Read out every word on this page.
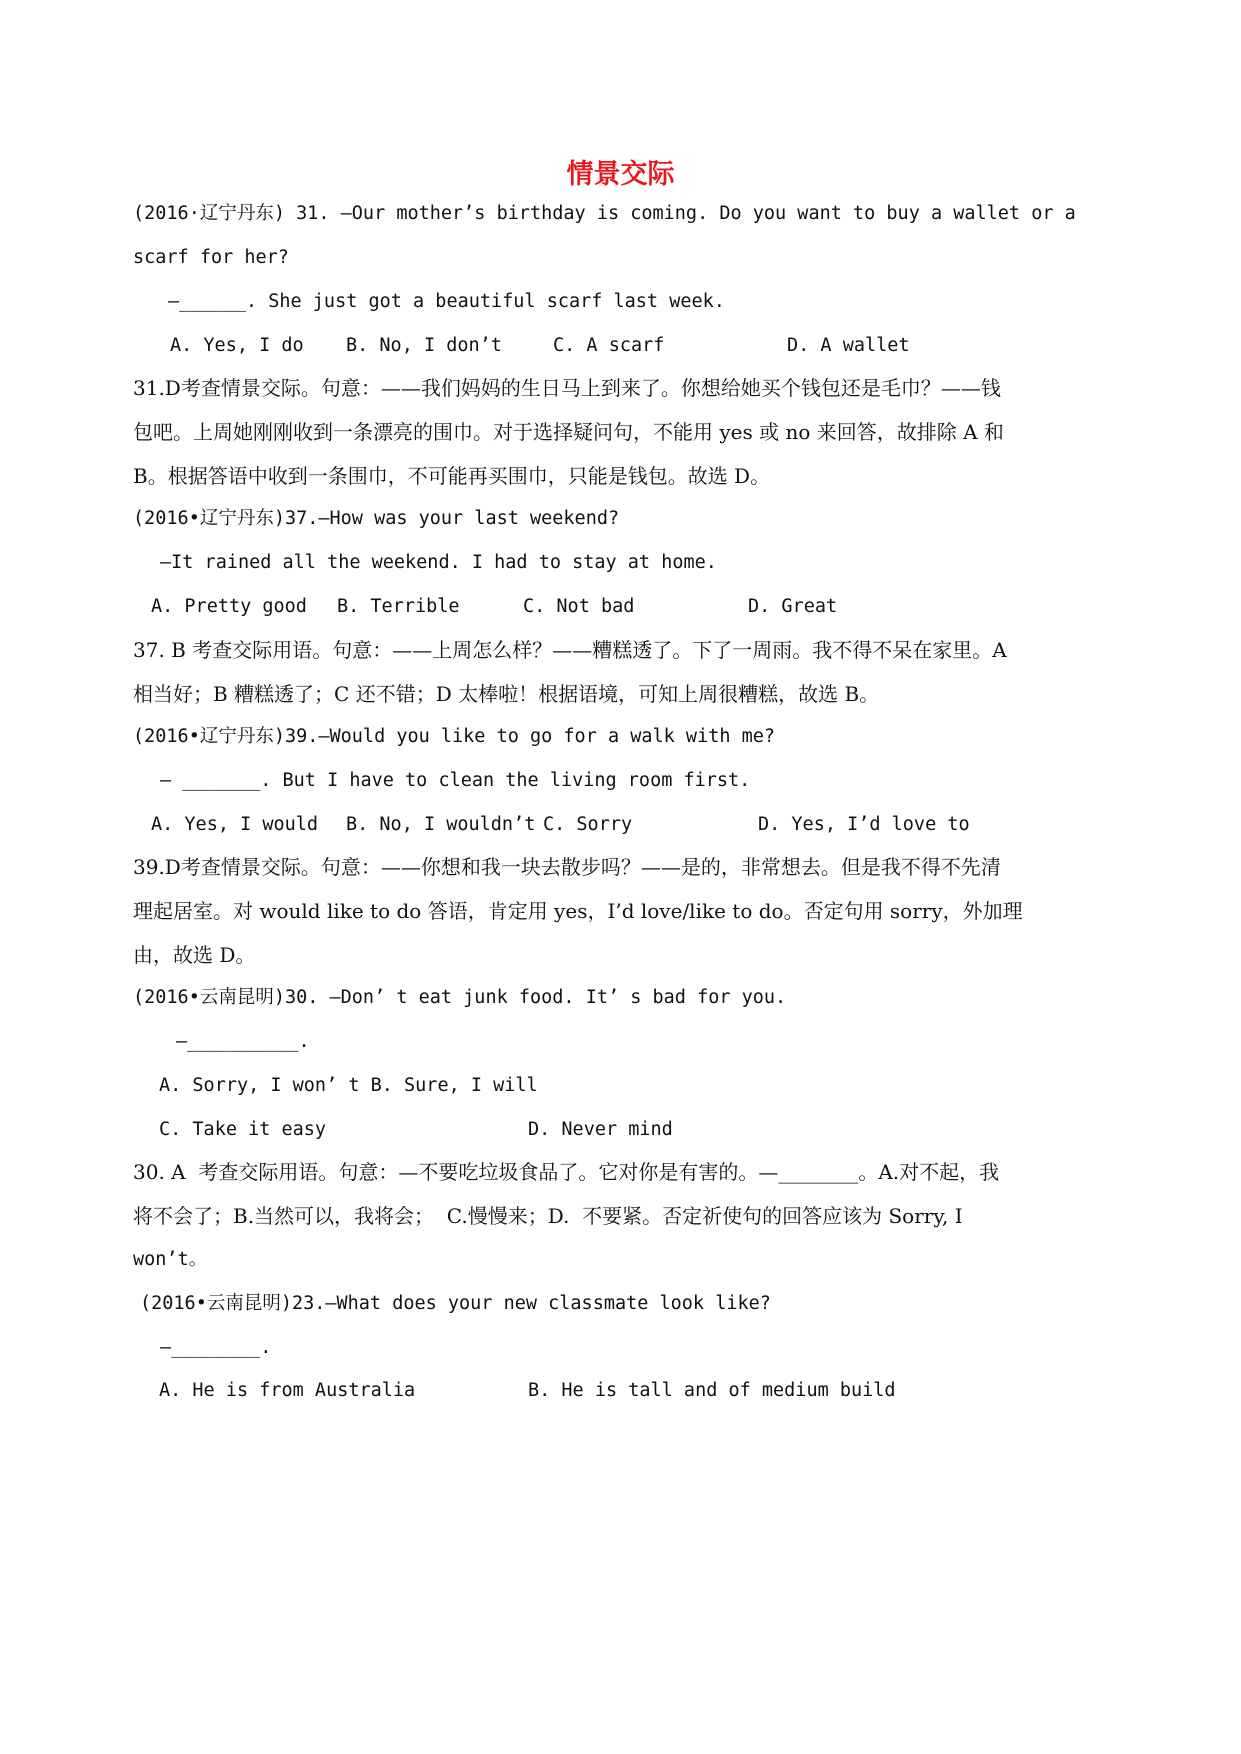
情景交际
(2016·辽宁丹东) 31. —Our mother’s birthday is coming. Do you want to buy a wallet or a
scarf for her?
—______. She just got a beautiful scarf last week.
A. Yes, I do B. No, I don’t	C. A scarf	D. A wallet
31.D考查情景交际。句意：——我们妈妈的生日马上到来了。你想给她买个钱包还是毛巾？——钱
包吧。上周她刚刚收到一条漂亮的围巾。对于选择疑问句，不能用 yes 或 no 来回答，故排除 A 和
B。根据答语中收到一条围巾，不可能再买围巾，只能是钱包。故选 D。
(2016•辽宁丹东)37.—How was your last weekend?
—It rained all the weekend. I had to stay at home.
A. Pretty good B. Terrible	C. Not bad	D. Great
37. B 考查交际用语。句意：——上周怎么样？——糟糕透了。下了一周雨。我不得不呆在家里。A
相当好；B 糟糕透了；C 还不错；D 太棒啦！根据语境，可知上周很糟糕，故选 B。
(2016•辽宁丹东)39.—Would you like to go for a walk with me?
— _______. But I have to clean the living room first.
A. Yes, I would B. No, I wouldn’t C. Sorry	D. Yes, I’d love to
39.D考查情景交际。句意：——你想和我一块去散步吗？——是的，非常想去。但是我不得不先清
理起居室。对 would like to do 答语，肯定用 yes，I’d love/like to do。否定句用 sorry，外加理
由，故选 D。
(2016•云南昆明)30. —Don’ t eat junk food. It’ s bad for you.
—__________.
A. Sorry, I won’ t B. Sure, I will
C. Take it easy	D. Never mind
30. A  考查交际用语。句意：—不要吃垃圾食品了。它对你是有害的。—________。A.对不起，我
将不会了；B.当然可以，我将会；  C.慢慢来；D.  不要紧。否定祈使句的回答应该为 Sorry, I
won’t。
(2016•云南昆明)23.—What does your new classmate look like?
—________.
A. He is from Australia	B. He is tall and of medium build
